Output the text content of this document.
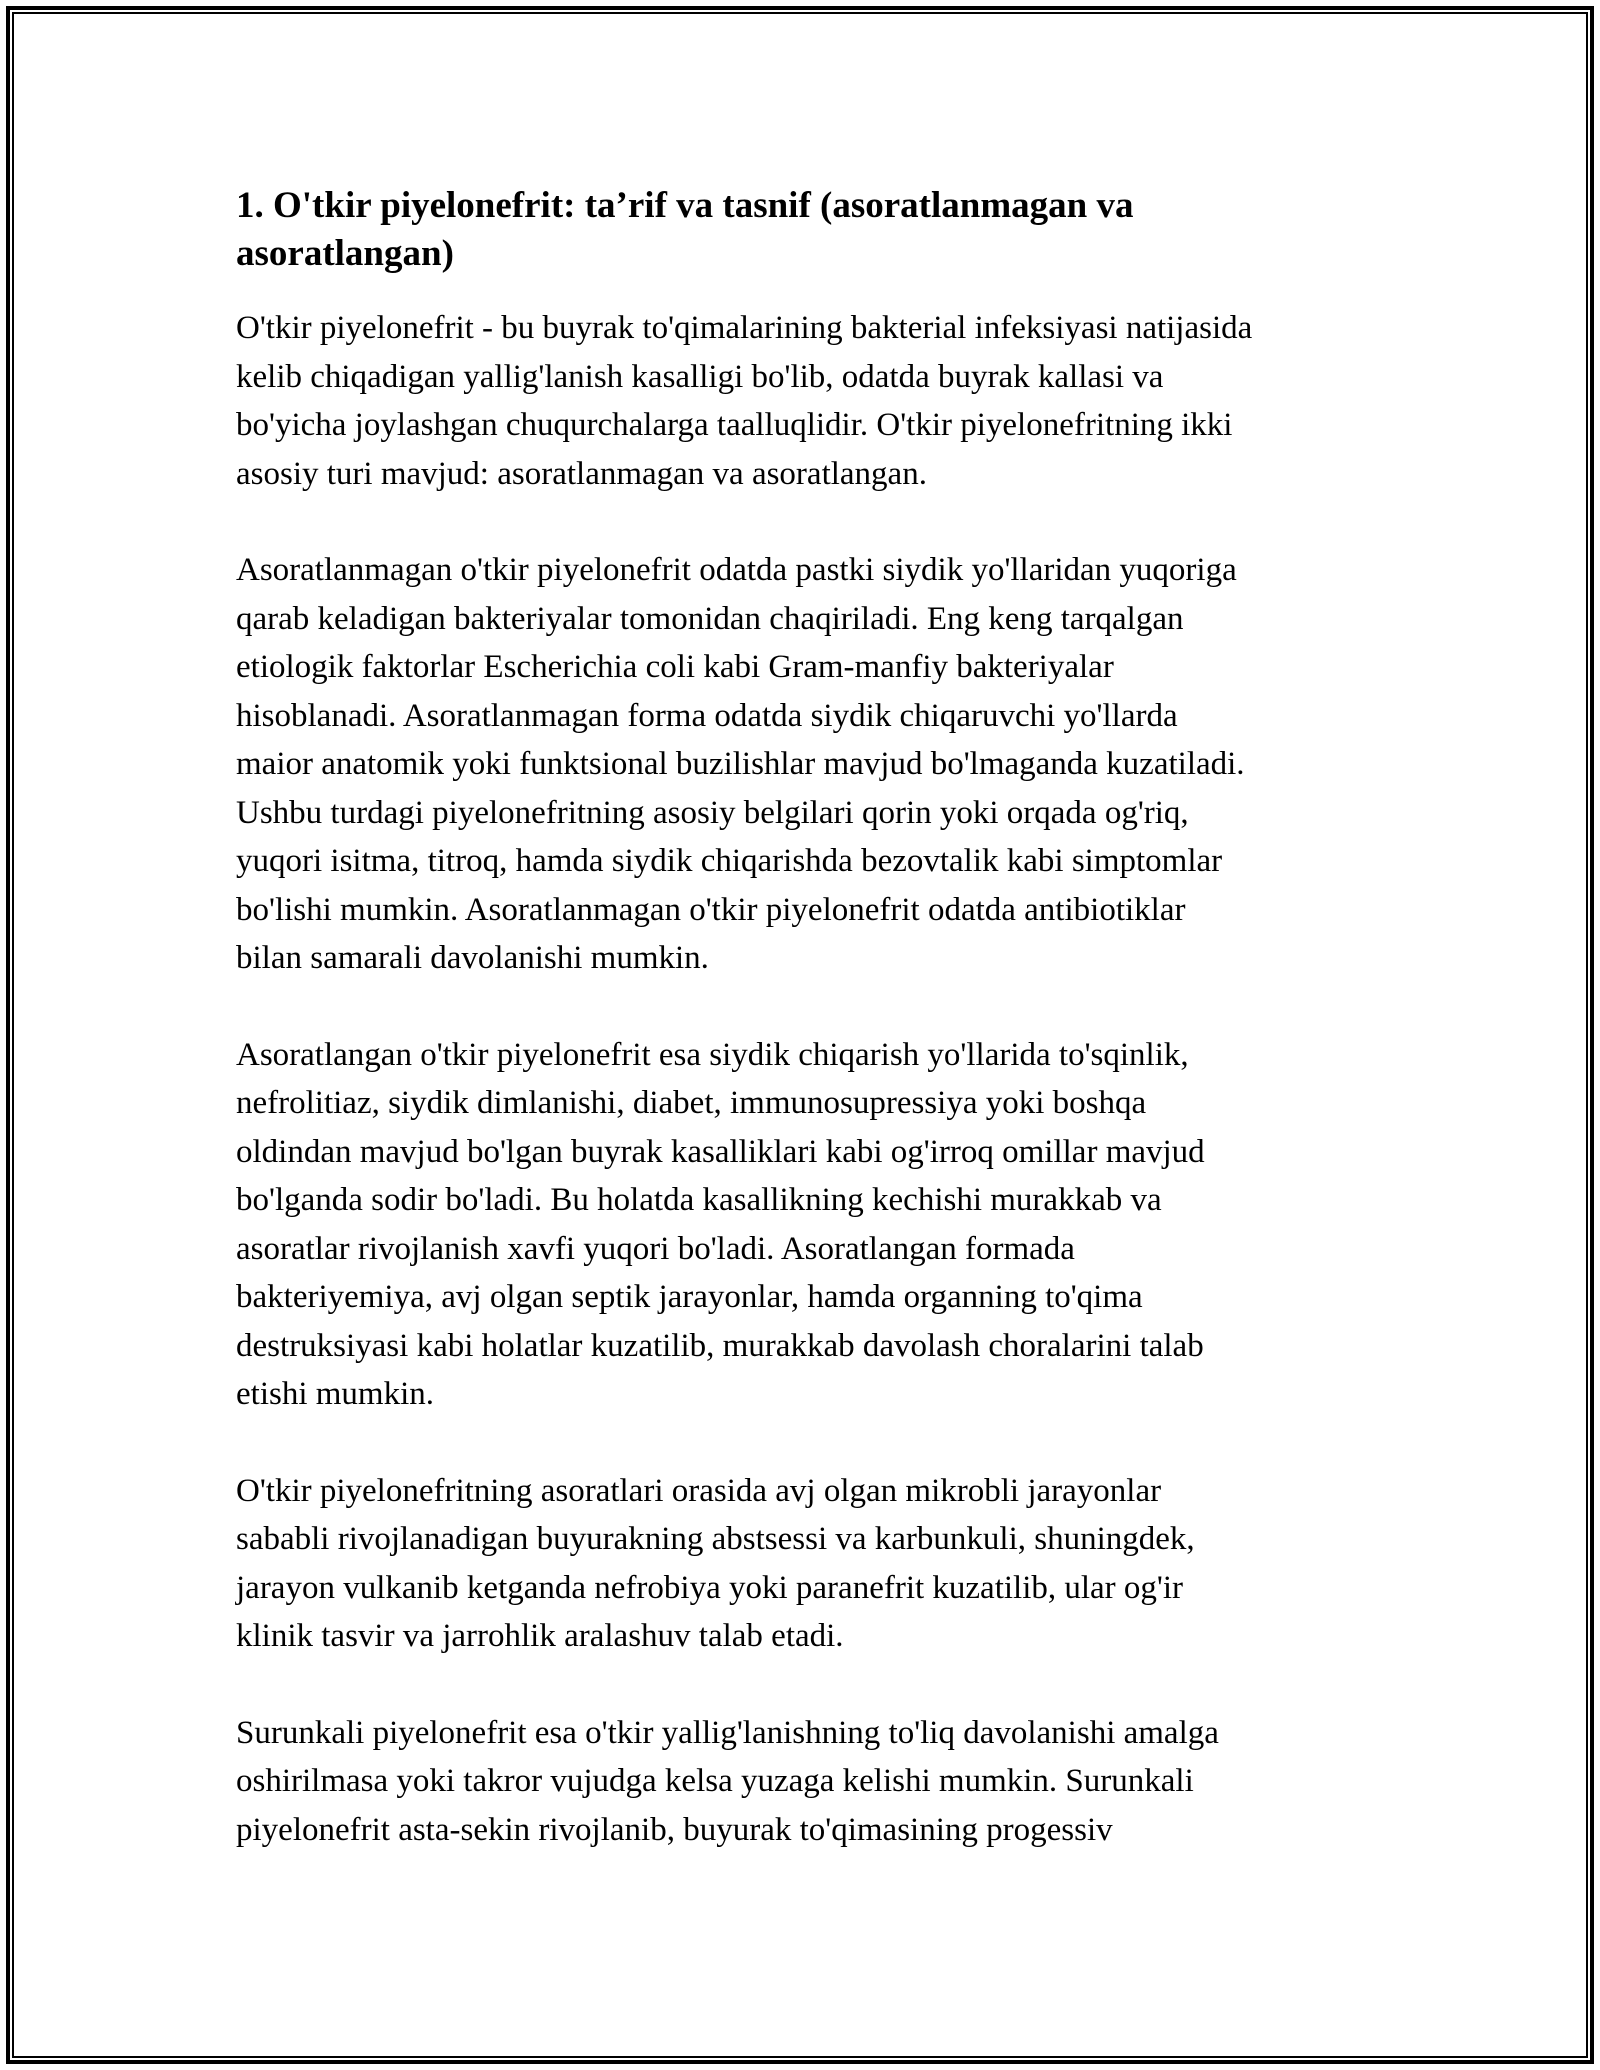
1. O'tkir piyelonefrit: ta’rif va tasnif (asoratlanmagan va
asoratlangan)

O'tkir piyelonefrit - bu buyrak to'qimalarining bakterial infeksiyasi natijasida
kelib chiqadigan yallig'lanish kasalligi bo'lib, odatda buyrak kallasi va
bo'yicha joylashgan chuqurchalarga taalluqlidir. O'tkir piyelonefritning ikki
asosiy turi mavjud: asoratlanmagan va asoratlangan.

Asoratlanmagan o'tkir piyelonefrit odatda pastki siydik yo'llaridan yuqoriga
qarab keladigan bakteriyalar tomonidan chaqiriladi. Eng keng tarqalgan
etiologik faktorlar Escherichia coli kabi Gram-manfiy bakteriyalar
hisoblanadi. Asoratlanmagan forma odatda siydik chiqaruvchi yo'llarda
maior anatomik yoki funktsional buzilishlar mavjud bo'lmaganda kuzatiladi.
Ushbu turdagi piyelonefritning asosiy belgilari qorin yoki orqada og'riq,
yuqori isitma, titroq, hamda siydik chiqarishda bezovtalik kabi simptomlar
bo'lishi mumkin. Asoratlanmagan o'tkir piyelonefrit odatda antibiotiklar
bilan samarali davolanishi mumkin.

Asoratlangan o'tkir piyelonefrit esa siydik chiqarish yo'llarida to'sqinlik,
nefrolitiaz, siydik dimlanishi, diabet, immunosupressiya yoki boshqa
oldindan mavjud bo'lgan buyrak kasalliklari kabi og'irroq omillar mavjud
bo'lganda sodir bo'ladi. Bu holatda kasallikning kechishi murakkab va
asoratlar rivojlanish xavfi yuqori bo'ladi. Asoratlangan formada
bakteriyemiya, avj olgan septik jarayonlar, hamda organning to'qima
destruksiyasi kabi holatlar kuzatilib, murakkab davolash choralarini talab
etishi mumkin.

O'tkir piyelonefritning asoratlari orasida avj olgan mikrobli jarayonlar
sababli rivojlanadigan buyurakning abstsessi va karbunkuli, shuningdek,
jarayon vulkanib ketganda nefrobiya yoki paranefrit kuzatilib, ular og'ir
klinik tasvir va jarrohlik aralashuv talab etadi.

Surunkali piyelonefrit esa o'tkir yallig'lanishning to'liq davolanishi amalga
oshirilmasa yoki takror vujudga kelsa yuzaga kelishi mumkin. Surunkali
piyelonefrit asta-sekin rivojlanib, buyurak to'qimasining progessiv
